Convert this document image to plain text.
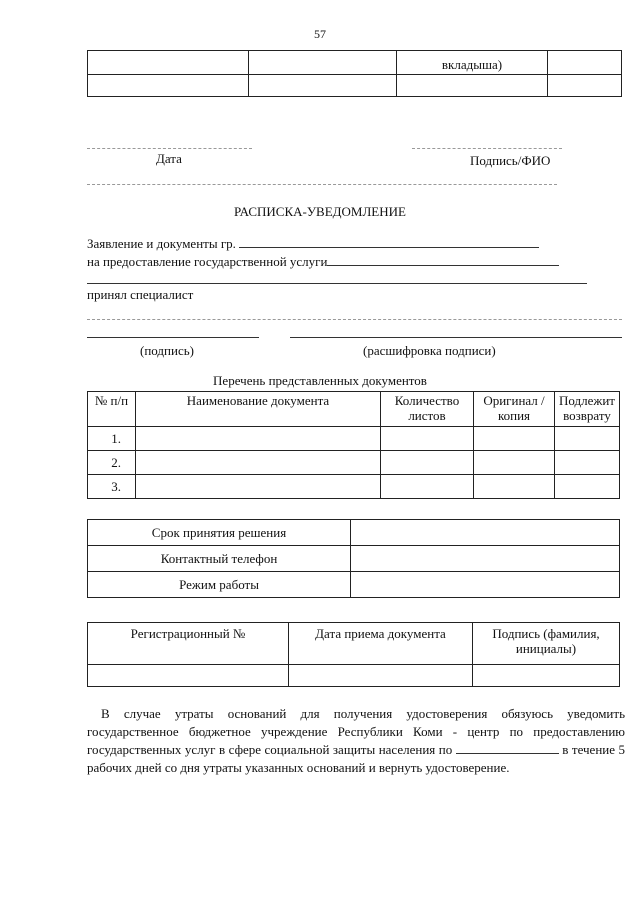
57
		вкладыша)	

Дата	Подпись/ФИО
РАСПИСКА-УВЕДОМЛЕНИЕ
Заявление и документы гр.
на предоставление государственной услуги
принял специалист
(подпись)	(расшифровка подписи)
Перечень представленных документов
№ п/п	Наименование документа	Количество листов	Оригинал /копия	Подлежит возврату
1.				
2.				
3.				
Срок принятия решения	
Контактный телефон	
Режим работы	
Регистрационный №	Дата приема документа	Подпись (фамилия, инициалы)

В случае утраты оснований для получения удостоверения обязуюсь уведомить государственное бюджетное учреждение Республики Коми - центр по предоставлению государственных услуг в сфере социальной защиты населения по	в течение 5 рабочих дней со дня утраты указанных оснований и вернуть удостоверение.
